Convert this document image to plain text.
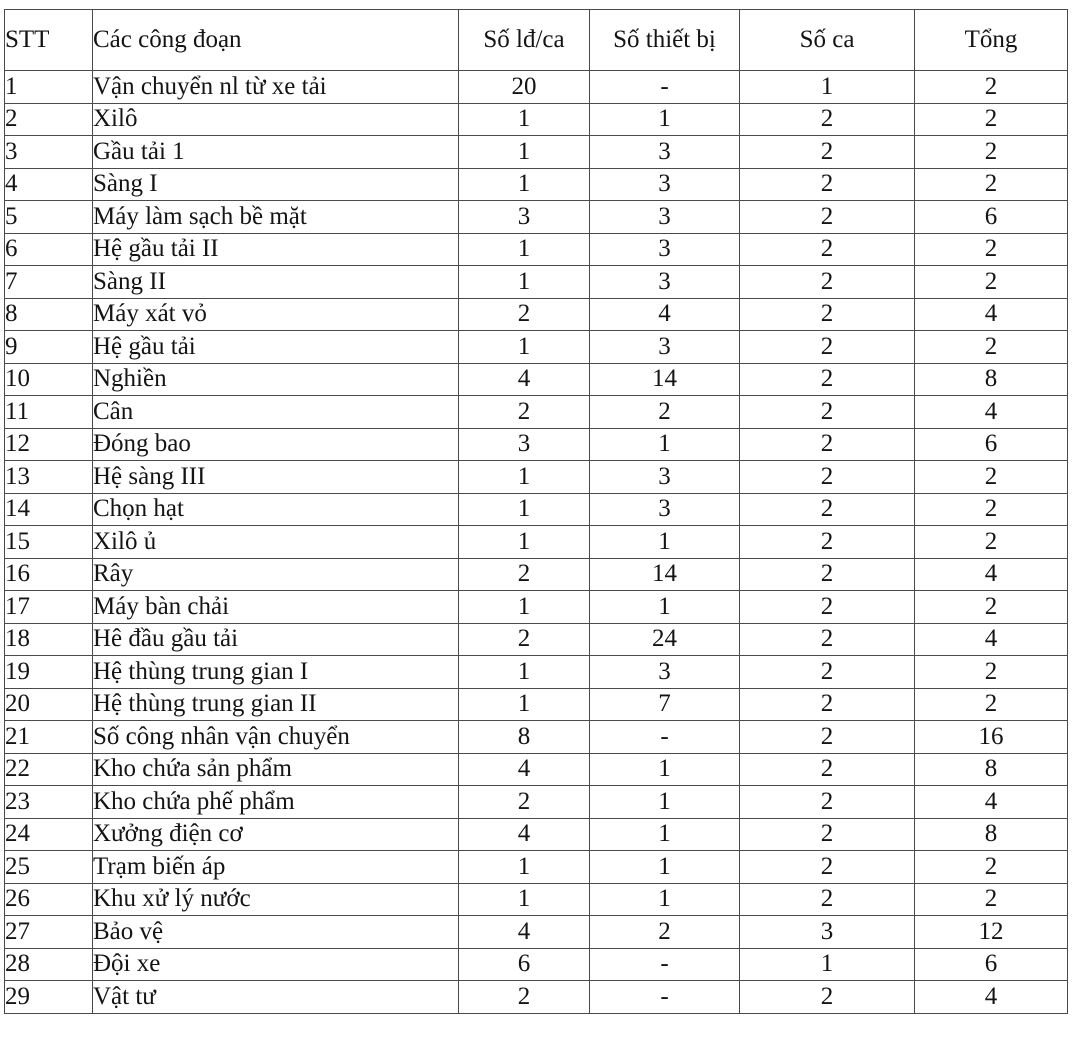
STT	Các công đoạn	Số lđ/ca	Số thiết bị	Số ca	Tổng
1	Vận chuyển nl từ xe tải	20	-	1	2
2	Xilô	1	1	2	2
3	Gầu tải 1	1	3	2	2
4	Sàng I	1	3	2	2
5	Máy làm sạch bề mặt	3	3	2	6
6	Hệ gầu tải II	1	3	2	2
7	Sàng II	1	3	2	2
8	Máy xát vỏ	2	4	2	4
9	Hệ gầu tải	1	3	2	2
10	Nghiền	4	14	2	8
11	Cân	2	2	2	4
12	Đóng bao	3	1	2	6
13	Hệ sàng III	1	3	2	2
14	Chọn hạt	1	3	2	2
15	Xilô ủ	1	1	2	2
16	Rây	2	14	2	4
17	Máy bàn chải	1	1	2	2
18	Hê đầu gầu tải	2	24	2	4
19	Hệ thùng trung gian I	1	3	2	2
20	Hệ thùng trung gian II	1	7	2	2
21	Số công nhân vận chuyển	8	-	2	16
22	Kho chứa sản phẩm	4	1	2	8
23	Kho chứa phế phẩm	2	1	2	4
24	Xưởng điện cơ	4	1	2	8
25	Trạm biến áp	1	1	2	2
26	Khu xử lý nước	1	1	2	2
27	Bảo vệ	4	2	3	12
28	Đội xe	6	-	1	6
29	Vật tư	2	-	2	4
